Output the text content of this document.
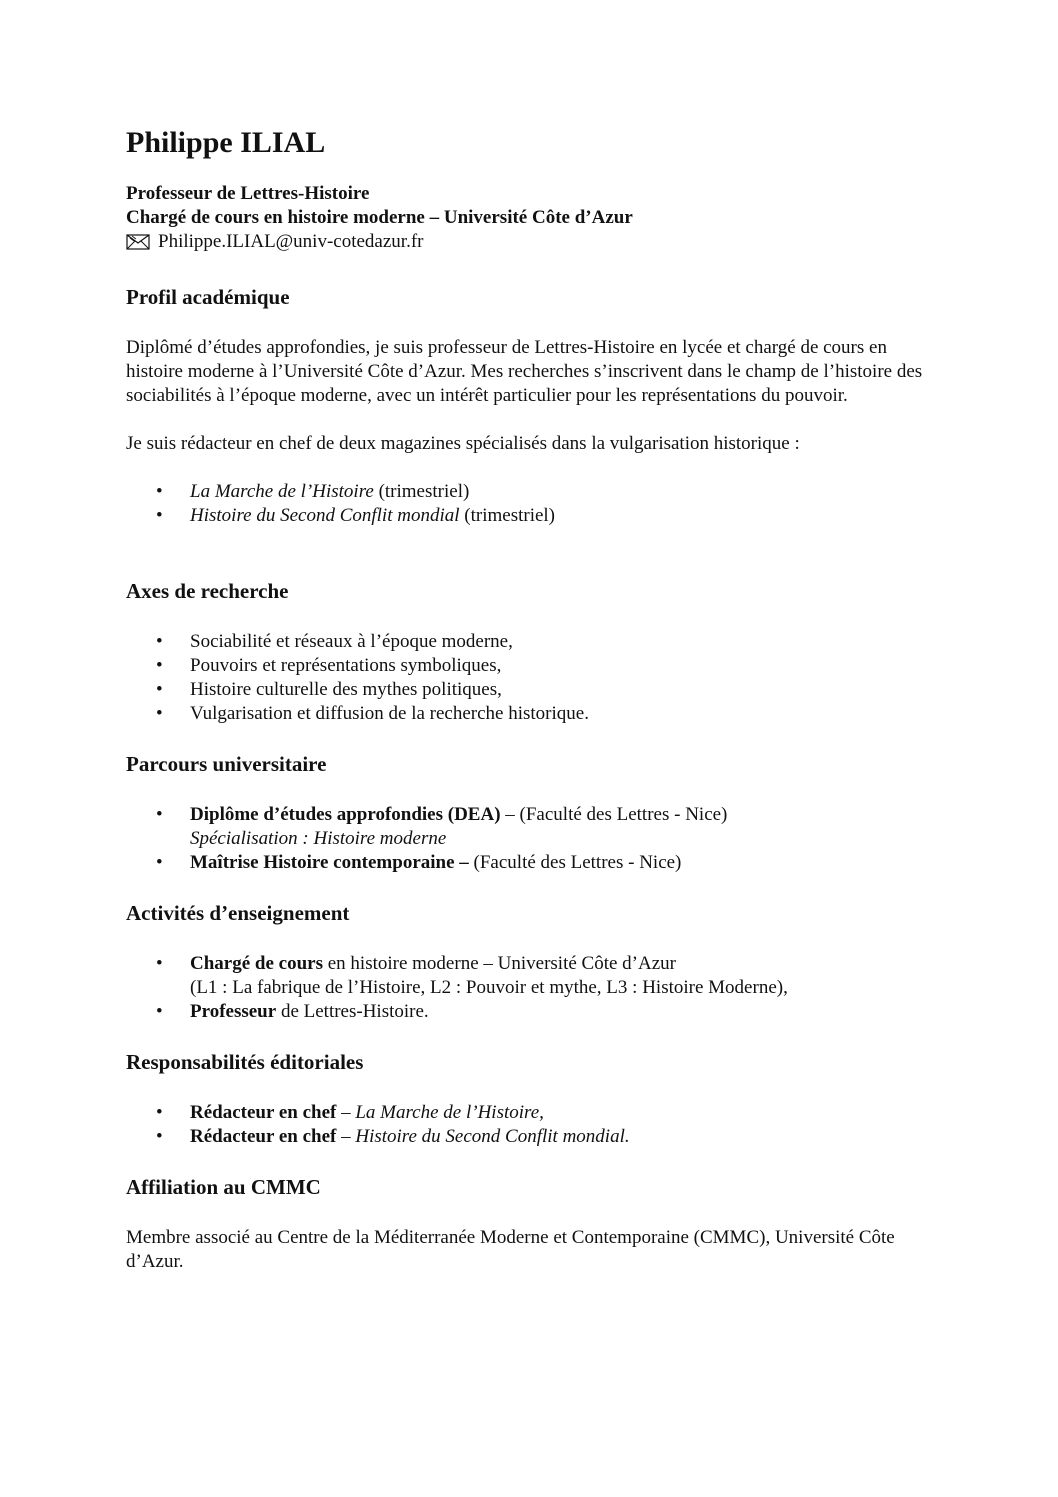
Philippe ILIAL
Professeur de Lettres-Histoire
Chargé de cours en histoire moderne – Université Côte d’Azur
Philippe.ILIAL@univ-cotedazur.fr
Profil académique

Diplômé d’études approfondies, je suis professeur de Lettres-Histoire en lycée et chargé de cours en histoire moderne à l’Université Côte d’Azur. Mes recherches s’inscrivent dans le champ de l’histoire des sociabilités à l’époque moderne, avec un intérêt particulier pour les représentations du pouvoir.

Je suis rédacteur en chef de deux magazines spécialisés dans la vulgarisation historique :

• La Marche de l’Histoire (trimestriel)
• Histoire du Second Conflit mondial (trimestriel)
Axes de recherche
• Sociabilité et réseaux à l’époque moderne,
• Pouvoirs et représentations symboliques,
• Histoire culturelle des mythes politiques,
• Vulgarisation et diffusion de la recherche historique.
Parcours universitaire
• Diplôme d’études approfondies (DEA) – (Faculté des Lettres - Nice)
Spécialisation : Histoire moderne
• Maîtrise Histoire contemporaine – (Faculté des Lettres - Nice)
Activités d’enseignement
• Chargé de cours en histoire moderne – Université Côte d’Azur
(L1 : La fabrique de l’Histoire, L2 : Pouvoir et mythe, L3 : Histoire Moderne),
• Professeur de Lettres-Histoire.
Responsabilités éditoriales
• Rédacteur en chef – La Marche de l’Histoire,
• Rédacteur en chef – Histoire du Second Conflit mondial.
Affiliation au CMMC

Membre associé au Centre de la Méditerranée Moderne et Contemporaine (CMMC), Université Côte d’Azur.
